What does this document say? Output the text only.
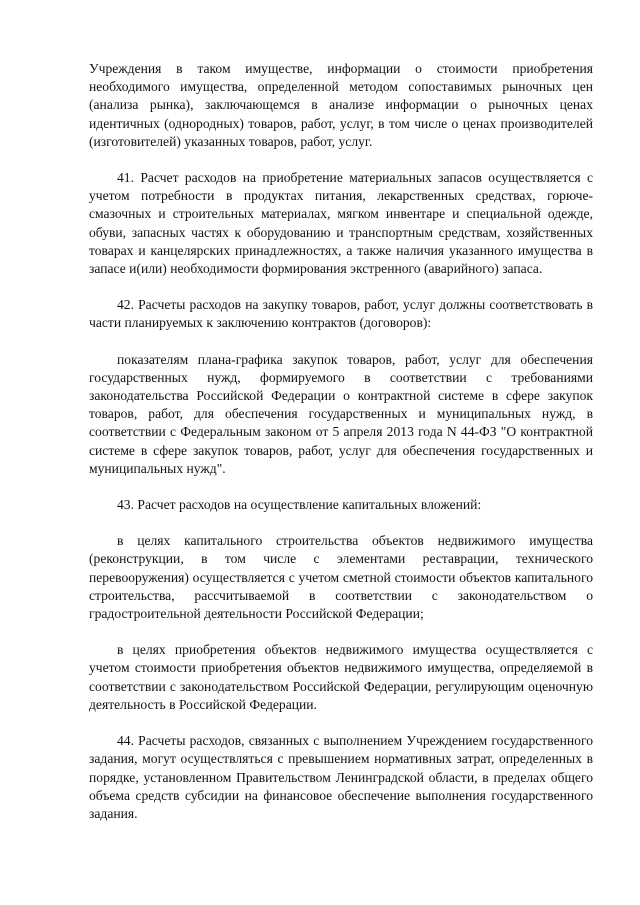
Учреждения в таком имуществе, информации о стоимости приобретения необходимого имущества, определенной методом сопоставимых рыночных цен (анализа рынка), заключающемся в анализе информации о рыночных ценах идентичных (однородных) товаров, работ, услуг, в том числе о ценах производителей (изготовителей) указанных товаров, работ, услуг.

41. Расчет расходов на приобретение материальных запасов осуществляется с учетом потребности в продуктах питания, лекарственных средствах, горюче-смазочных и строительных материалах, мягком инвентаре и специальной одежде, обуви, запасных частях к оборудованию и транспортным средствам, хозяйственных товарах и канцелярских принадлежностях, а также наличия указанного имущества в запасе и(или) необходимости формирования экстренного (аварийного) запаса.

42. Расчеты расходов на закупку товаров, работ, услуг должны соответствовать в части планируемых к заключению контрактов (договоров):

показателям плана-графика закупок товаров, работ, услуг для обеспечения государственных нужд, формируемого в соответствии с требованиями законодательства Российской Федерации о контрактной системе в сфере закупок товаров, работ, для обеспечения государственных и муниципальных нужд, в соответствии с Федеральным законом от 5 апреля 2013 года N 44-ФЗ "О контрактной системе в сфере закупок товаров, работ, услуг для обеспечения государственных и муниципальных нужд".

43. Расчет расходов на осуществление капитальных вложений:

в целях капитального строительства объектов недвижимого имущества (реконструкции, в том числе с элементами реставрации, технического перевооружения) осуществляется с учетом сметной стоимости объектов капитального строительства, рассчитываемой в соответствии с законодательством о градостроительной деятельности Российской Федерации;

в целях приобретения объектов недвижимого имущества осуществляется с учетом стоимости приобретения объектов недвижимого имущества, определяемой в соответствии с законодательством Российской Федерации, регулирующим оценочную деятельность в Российской Федерации.

44. Расчеты расходов, связанных с выполнением Учреждением государственного задания, могут осуществляться с превышением нормативных затрат, определенных в порядке, установленном Правительством Ленинградской области, в пределах общего объема средств субсидии на финансовое обеспечение выполнения государственного задания.
